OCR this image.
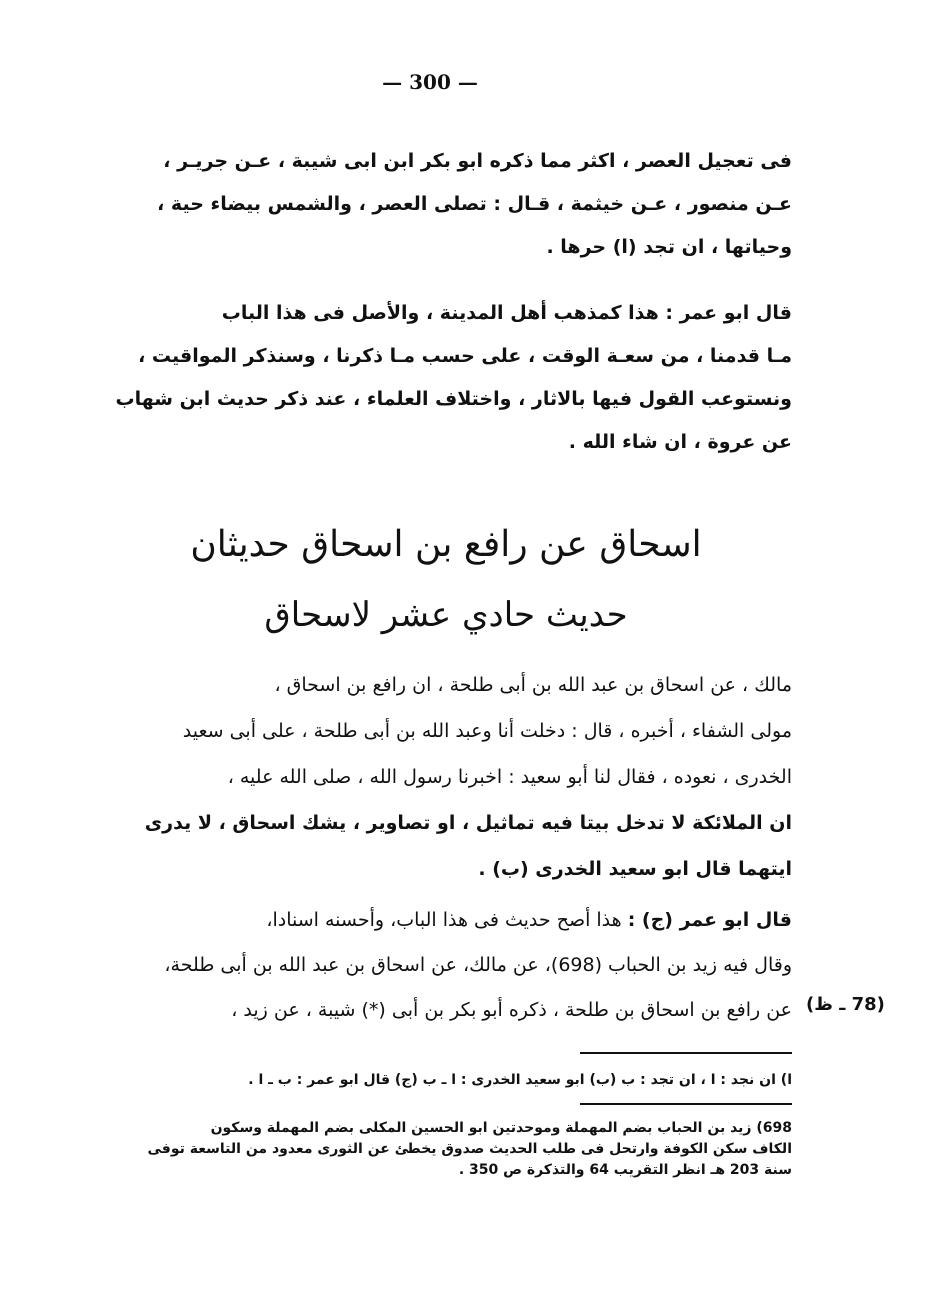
— 300 —
فى تعجيل العصر ، اكثر مما ذكره ابو بكر ابن ابى شيبة ، عـن جريـر ،
عـن منصور ، عـن خيثمة ، قـال : تصلى العصر ، والشمس بيضاء حية ،
وحياتها ، ان تجد (ا) حرها .
قال ابو عمر : هذا كمذهب أهل المدينة ، والأصل فى هذا الباب
مـا قدمنا ، من سعـة الوقت ، على حسب مـا ذكرنا ، وسنذكر المواقيت ،
ونستوعب القول فيها بالاثار ، واختلاف العلماء ، عند ذكر حديث ابن شهاب
عن عروة ، ان شاء الله .
اسحاق عن رافع بن اسحاق حديثان
حديث حادي عشر لاسحاق
مالك ، عن اسحاق بن عبد الله بن أبى طلحة ، ان رافع بن اسحاق ،
مولى الشفاء ، أخبره ، قال : دخلت أنا وعبد الله بن أبى طلحة ، على أبى سعيد
الخدرى ، نعوده ، فقال لنا أبو سعيد : اخبرنا رسول الله ، صلى الله عليه ،
ان الملائكة لا تدخل بيتا فيه تماثيل ، او تصاوير ، يشك اسحاق ، لا يدرى
ايتهما قال ابو سعيد الخدرى (ب) .
قال ابو عمر (ج) : هذا أصح حديث فى هذا الباب، وأحسنه اسنادا،
وقال فيه زيد بن الحباب (698)، عن مالك، عن اسحاق بن عبد الله بن أبى طلحة،
عن رافع بن اسحاق بن طلحة ، ذكره أبو بكر بن أبى (*) شيبة ، عن زيد ، (78 ـ ظ)
ا) ان نجد : ا ، ان تجد : ب (ب) ابو سعيد الخدرى : ا ـ ب (ج) قال ابو عمر : ب ـ ا .
698) زيد بن الحباب بضم المهملة وموحدتين ابو الحسين المكلى بضم المهملة وسكون
الكاف سكن الكوفة وارتحل فى طلب الحديث صدوق يخطئ عن الثورى معدود من التاسعة توفى
سنة 203 هـ انظر التقريب 64 والتذكرة ص 350 .
